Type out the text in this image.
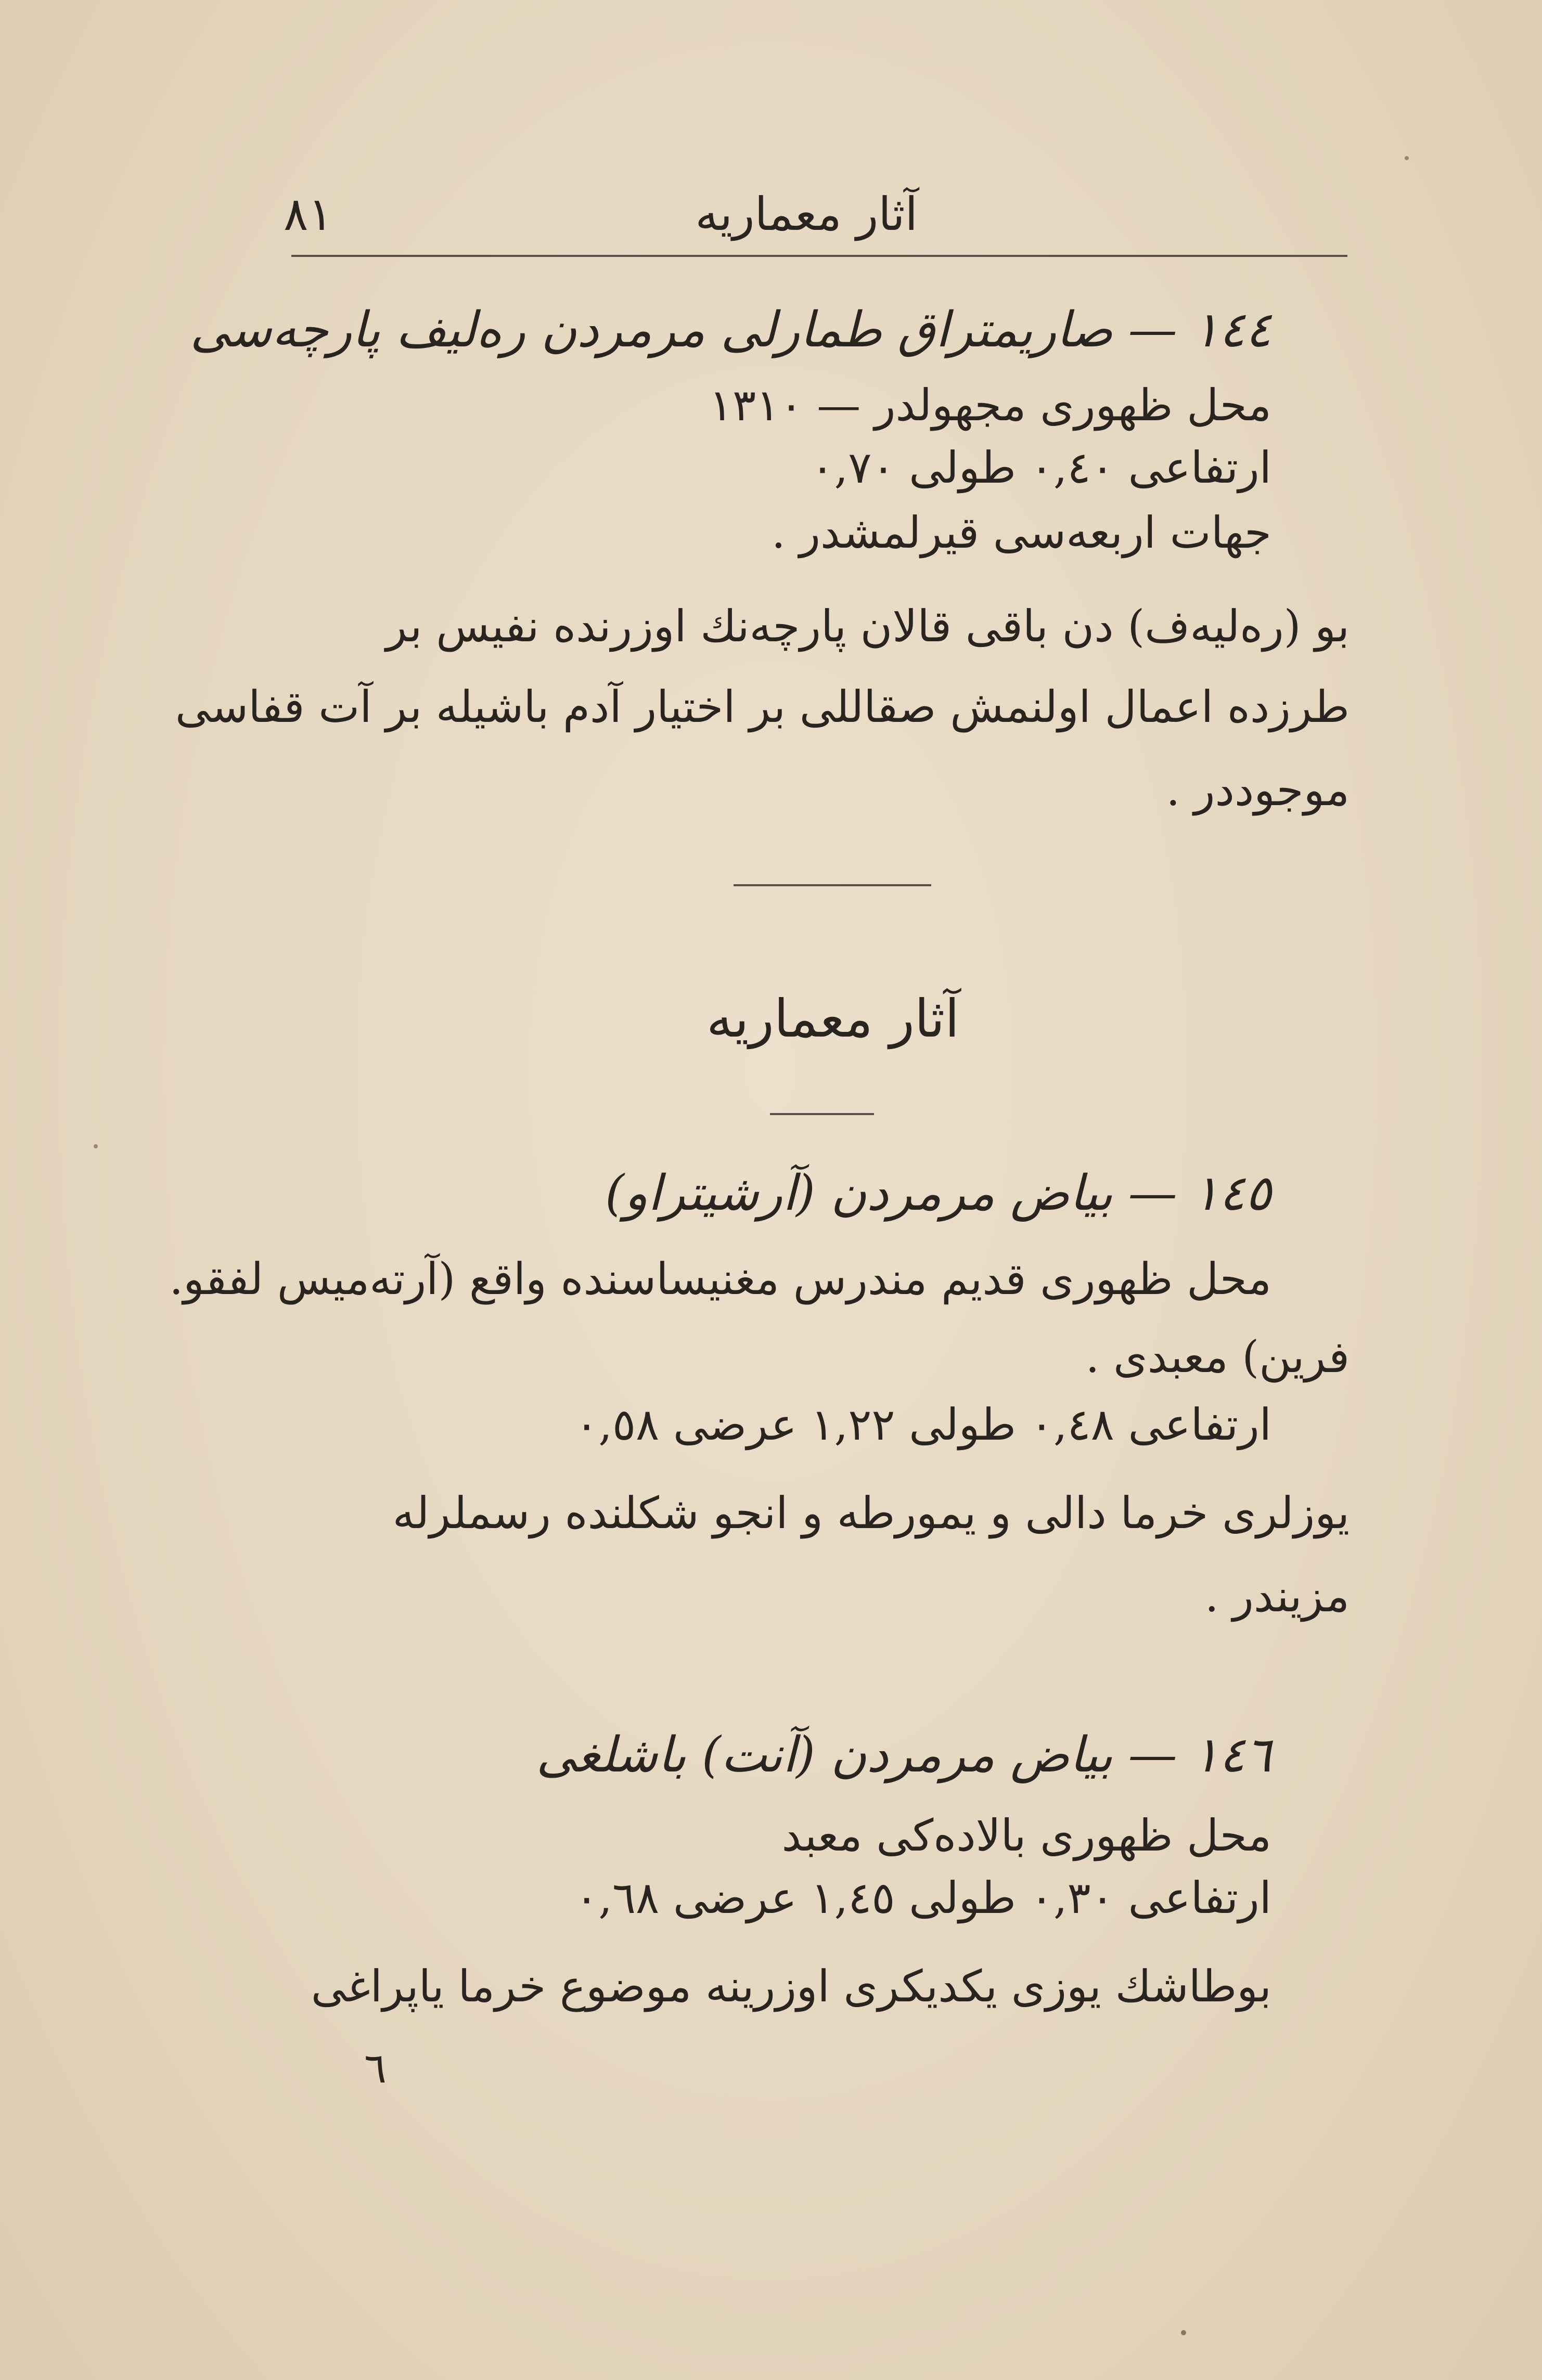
آثار معماريه
٨١
١٤٤ — صاريمتراق طمارلى مرمردن رەليف پارچەسى
محل ظهورى مجهولدر — ١٣١٠
ارتفاعى ٠,٤٠ طولى ٠,٧٠
جهات اربعەسى قيرلمشدر .
بو (رەليەف) دن باقى قالان پارچەنك اوزرنده نفيس بر
طرزده اعمال اولنمش صقاللى بر اختيار آدم باشيله بر آت قفاسى
موجوددر .
آثار معماريه
١٤٥ — بياض مرمردن (آرشيتراو)
محل ظهورى قديم مندرس مغنيساسنده واقع (آرتەميس لفقو.
فرين) معبدى .
ارتفاعى ٠,٤٨ طولى ١,٢٢ عرضى ٠,٥٨
يوزلرى خرما دالى و يمورطه و انجو شكلنده رسملرله
مزيندر .
١٤٦ — بياض مرمردن (آنت) باشلغى
محل ظهورى بالادەكى معبد
ارتفاعى ٠,٣٠ طولى ١,٤٥ عرضى ٠,٦٨
بوطاشك يوزى يكديكرى اوزرينه موضوع خرما ياپراغى
٦
